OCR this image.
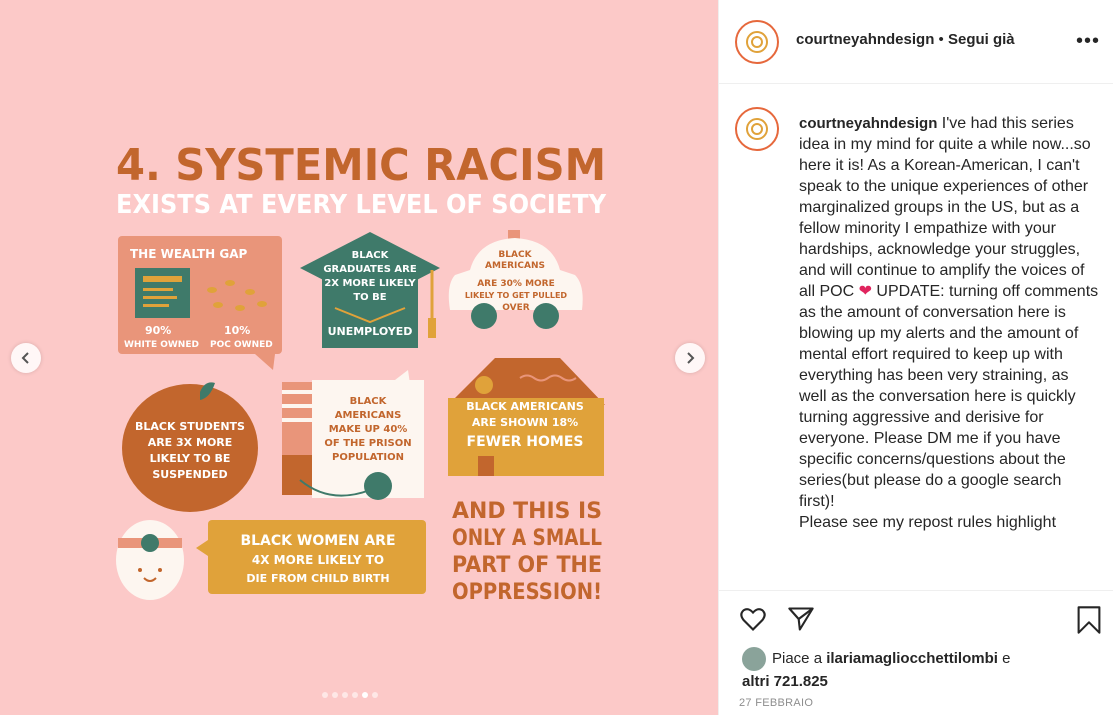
4. SYSTEMIC RACISM
EXISTS AT EVERY LEVEL OF SOCIETY
THE WEALTH GAP
90%	10%
WHITE OWNED POC OWNED
BLACK
GRADUATES ARE
2X MORE LIKELY
TO BE
UNEMPLOYED
BLACK
AMERICANS
ARE 30% MORE
LIKELY TO GET PULLED
OVER
BLACK STUDENTS
ARE 3X MORE
LIKELY TO BE
SUSPENDED
BLACK
AMERICANS
MAKE UP 40%
OF THE PRISON
POPULATION
BLACK AMERICANS
ARE SHOWN 18%
FEWER HOMES
BLACK WOMEN ARE
4X MORE LIKELY TO
DIE FROM CHILD BIRTH
AND THIS IS
ONLY A SMALL
PART OF THE
OPPRESSION!
courtneyahndesign • Segui già	•••
courtneyahndesign I've had this series idea in my mind for quite a while now...so here it is! As a Korean-American, I can't speak to the unique experiences of other marginalized groups in the US, but as a fellow minority I empathize with your hardships, acknowledge your struggles, and will continue to amplify the voices of all POC ❤ UPDATE: turning off comments as the amount of conversation here is blowing up my alerts and the amount of mental effort required to keep up with everything has been very straining, as well as the conversation here is quickly turning aggressive and derisive for everyone. Please DM me if you have specific concerns/questions about the series(but please do a google search first)!
Please see my repost rules highlight
Piace a ilariamagliocchettilombi e
altri 721.825
27 FEBBRAIO
